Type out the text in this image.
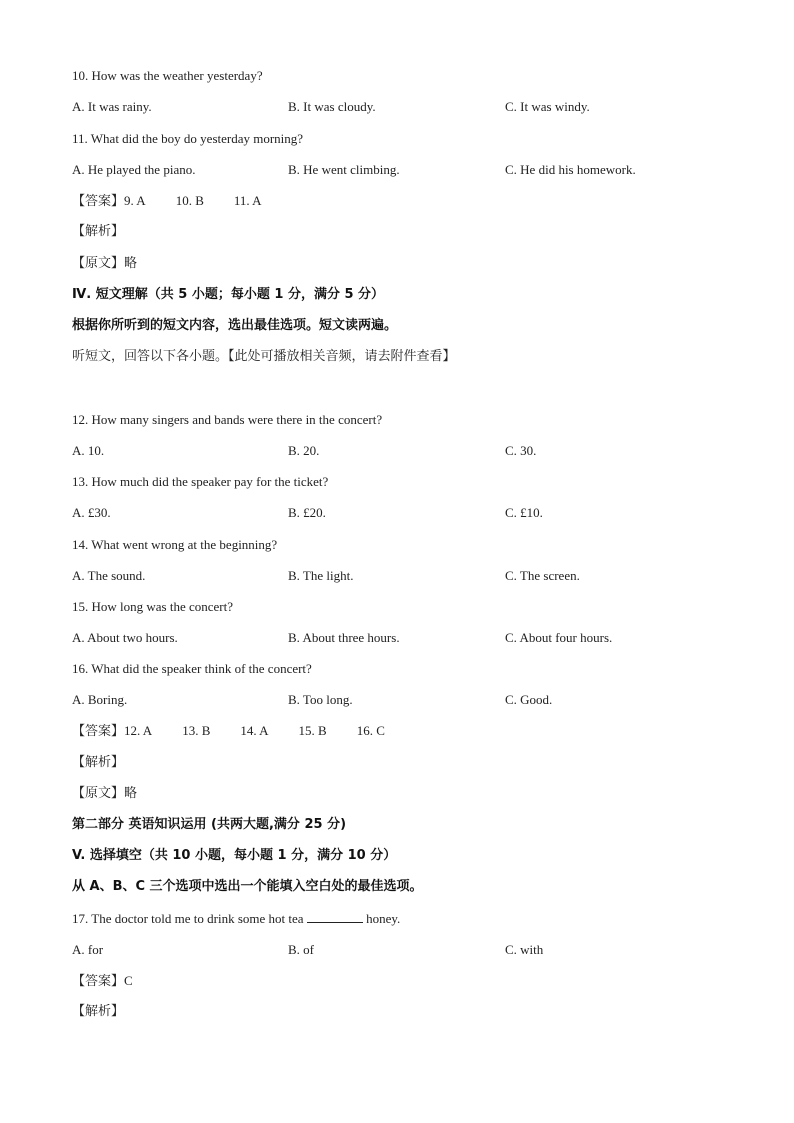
10. How was the weather yesterday?
A. It was rainy.	B. It was cloudy.	C. It was windy.
11. What did the boy do yesterday morning?
A. He played the piano.	B. He went climbing.	C. He did his homework.
【答案】9. A 10. B 11. A
【解析】
【原文】略
Ⅳ. 短文理解（共 5 小题；每小题 1 分，满分 5 分）
根据你所听到的短文内容，选出最佳选项。短文读两遍。
听短文，回答以下各小题。【此处可播放相关音频，请去附件查看】
12. How many singers and bands were there in the concert?
A. 10.	B. 20.	C. 30.
13. How much did the speaker pay for the ticket?
A. £30.	B. £20.	C. £10.
14. What went wrong at the beginning?
A. The sound.	B. The light.	C. The screen.
15. How long was the concert?
A. About two hours.	B. About three hours.	C. About four hours.
16. What did the speaker think of the concert?
A. Boring.	B. Too long.	C. Good.
【答案】12. A 13. B 14. A 15. B 16. C
【解析】
【原文】略
第二部分 英语知识运用 (共两大题,满分 25 分)
V. 选择填空（共 10 小题，每小题 1 分，满分 10 分）
从 A、B、C 三个选项中选出一个能填入空白处的最佳选项。
17. The doctor told me to drink some hot tea	honey.
A. for	B. of	C. with
【答案】C
【解析】
